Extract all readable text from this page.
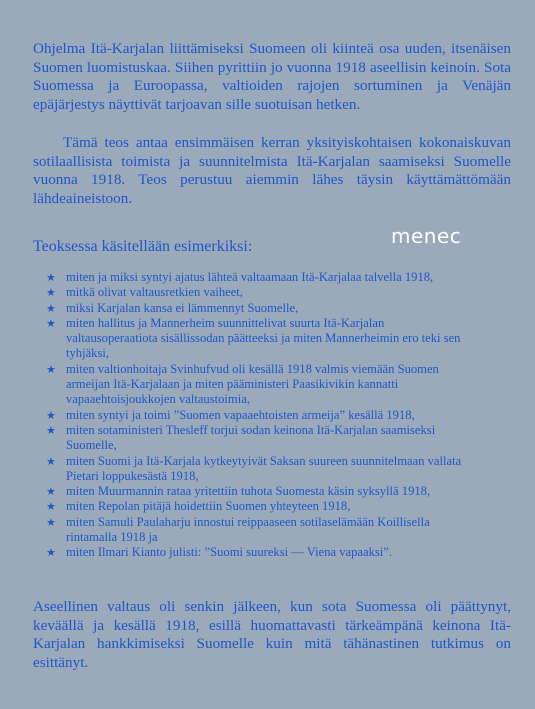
Ohjelma Itä-Karjalan liittämiseksi Suomeen oli kiinteä osa uuden, itsenäisen Suomen luomistuskaa. Siihen pyrittiin jo vuonna 1918 aseellisin keinoin. Sota Suomessa ja Euroopassa, valtioiden rajojen sortuminen ja Venäjän epäjärjestys näyttivät tarjoavan sille suotuisan hetken.

Tämä teos antaa ensimmäisen kerran yksityiskohtaisen kokonaiskuvan sotilaallisista toimista ja suunnitelmista Itä-Karjalan saamiseksi Suomelle vuonna 1918. Teos perustuu aiemmin lähes täysin käyttämättömään lähdeaineistoon.

menec

Teoksessa käsitellään esimerkiksi:

★ miten ja miksi syntyi ajatus lähteä valtaamaan Itä-Karjalaa talvella 1918,
★ mitkä olivat valtausretkien vaiheet,
★ miksi Karjalan kansa ei lämmennyt Suomelle,
★ miten hallitus ja Mannerheim suunnittelivat suurta Itä-Karjalan valtausoperaatiota sisällissodan päätteeksi ja miten Mannerheimin ero teki sen tyhjäksi,
★ miten valtionhoitaja Svinhufvud oli kesällä 1918 valmis viemään Suomen armeijan Itä-Karjalaan ja miten pääministeri Paasikivikin kannatti vapaaehtoisjoukkojen valtaustoimia,
★ miten syntyi ja toimi ”Suomen vapaaehtoisten armeija” kesällä 1918,
★ miten sotaministeri Thesleff torjui sodan keinona Itä-Karjalan saamiseksi Suomelle,
★ miten Suomi ja Itä-Karjala kytkeytyivät Saksan suureen suunnitelmaan vallata Pietari loppukesästä 1918,
★ miten Muurmannin rataa yritettiin tuhota Suomesta käsin syksyllä 1918,
★ miten Repolan pitäjä hoidettiin Suomen yhteyteen 1918,
★ miten Samuli Paulaharju innostui reippaaseen sotilaselämään Koillisella rintamalla 1918 ja
★ miten Ilmari Kianto julisti: ”Suomi suureksi — Viena vapaaksi”.

Aseellinen valtaus oli senkin jälkeen, kun sota Suomessa oli päättynyt, keväällä ja kesällä 1918, esillä huomattavasti tärkeämpänä keinona Itä-Karjalan hankkimiseksi Suomelle kuin mitä tähänastinen tutkimus on esittänyt.
